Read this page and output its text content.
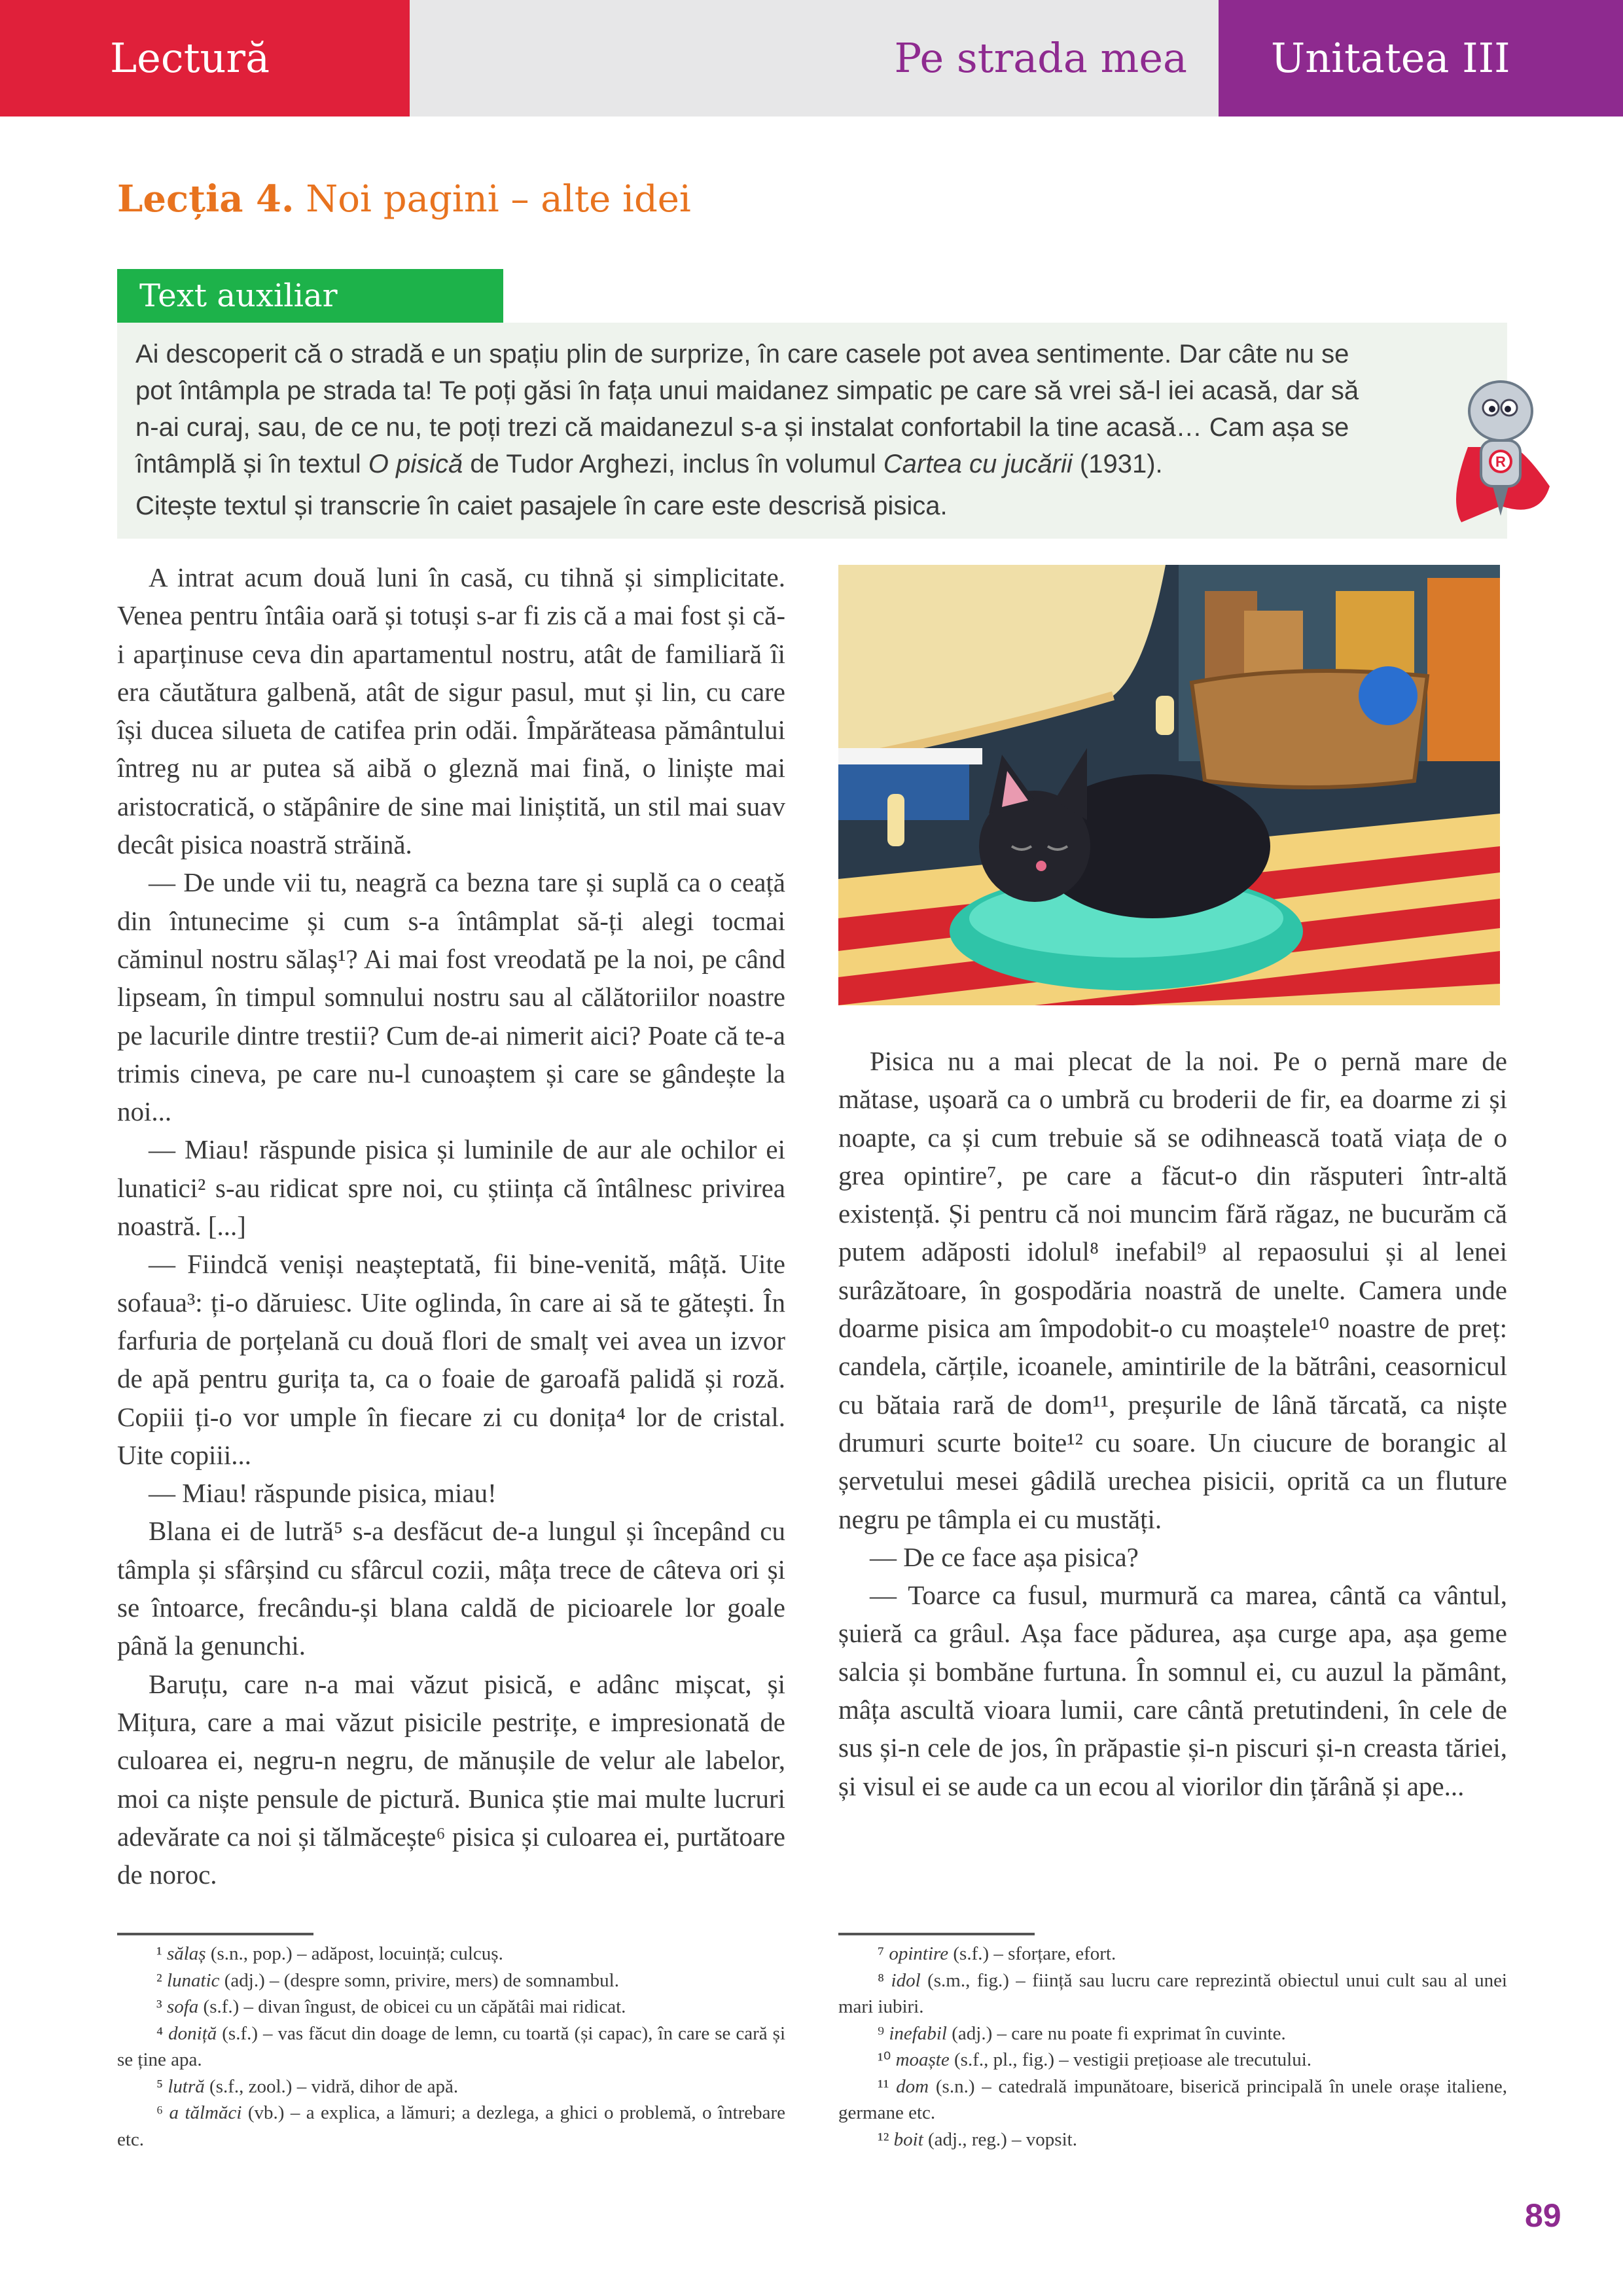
Lectură	Pe strada mea Unitatea III
Lecția 4. Noi pagini – alte idei
Text auxiliar

Ai descoperit că o stradă e un spațiu plin de surprize, în care casele pot avea sentimente. Dar câte nu se pot întâmpla pe strada ta! Te poți găsi în fața unui maidanez simpatic pe care să vrei să-l iei acasă, dar să n-ai curaj, sau, de ce nu, te poți trezi că maidanezul s-a și instalat confortabil la tine acasă… Cam așa se întâmplă și în textul O pisică de Tudor Arghezi, inclus în volumul Cartea cu jucării (1931).

Citește textul și transcrie în caiet pasajele în care este descrisă pisica.

R

A intrat acum două luni în casă, cu tihnă și simplicitate. Venea pentru întâia oară și totuși s-ar fi zis că a mai fost și că-i aparținuse ceva din apartamentul nostru, atât de familiară îi era căutătura galbenă, atât de sigur pasul, mut și lin, cu care își ducea silueta de catifea prin odăi. Împărăteasa pământului întreg nu ar putea să aibă o gleznă mai fină, o liniște mai aristocratică, o stăpânire de sine mai liniștită, un stil mai suav decât pisica noastră străină.

— De unde vii tu, neagră ca bezna tare și suplă ca o ceață din întunecime și cum s-a întâmplat să-ți alegi tocmai căminul nostru sălaș¹? Ai mai fost vreodată pe la noi, pe când lipseam, în timpul somnului nostru sau al călătoriilor noastre pe lacurile dintre trestii? Cum de-ai nimerit aici? Poate că te-a trimis cineva, pe care nu-l cunoaștem și care se gândește la noi...

— Miau! răspunde pisica și luminile de aur ale ochilor ei lunatici² s-au ridicat spre noi, cu știința că întâlnesc privirea noastră. [...]

— Fiindcă veniși neașteptată, fii bine-venită, mâță. Uite sofaua³: ți-o dăruiesc. Uite oglinda, în care ai să te gătești. În farfuria de porțelană cu două flori de smalț vei avea un izvor de apă pentru gurița ta, ca o foaie de garoafă palidă și roză. Copiii ți-o vor umple în fiecare zi cu donița⁴ lor de cristal. Uite copiii...

— Miau! răspunde pisica, miau!

Blana ei de lutră⁵ s-a desfăcut de-a lungul și începând cu tâmpla și sfârșind cu sfârcul cozii, mâța trece de câteva ori și se întoarce, frecându-și blana caldă de picioarele lor goale până la genunchi.

Baruțu, care n-a mai văzut pisică, e adânc mișcat, și Mițura, care a mai văzut pisicile pestrițe, e impresionată de culoarea ei, negru-n negru, de mănușile de velur ale labelor, moi ca niște pensule de pictură. Bunica știe mai multe lucruri adevărate ca noi și tălmăcește⁶ pisica și culoarea ei, purtătoare de noroc.

Pisica nu a mai plecat de la noi. Pe o pernă mare de mătase, ușoară ca o umbră cu broderii de fir, ea doarme zi și noapte, ca și cum trebuie să se odihnească toată viața de o grea opintire⁷, pe care a făcut-o din răsputeri într-altă existență. Și pentru că noi muncim fără răgaz, ne bucurăm că putem adăposti idolul⁸ inefabil⁹ al repaosului și al lenei surâzătoare, în gospodăria noastră de unelte. Camera unde doarme pisica am împodobit-o cu moaștele¹⁰ noastre de preț: candela, cărțile, icoanele, amintirile de la bătrâni, ceasornicul cu bătaia rară de dom¹¹, preșurile de lână tărcată, ca niște drumuri scurte boite¹² cu soare. Un ciucure de borangic al șervetului mesei gâdilă urechea pisicii, oprită ca un fluture negru pe tâmpla ei cu mustăți.

— De ce face așa pisica?

— Toarce ca fusul, murmură ca marea, cântă ca vântul, șuieră ca grâul. Așa face pădurea, așa curge apa, așa geme salcia și bombăne furtuna. În somnul ei, cu auzul la pământ, mâța ascultă vioara lumii, care cântă pretutindeni, în cele de sus și-n cele de jos, în prăpastie și-n piscuri și-n creasta tăriei, și visul ei se aude ca un ecou al viorilor din țărână și ape...

¹ sălaș (s.n., pop.) – adăpost, locuință; culcuș.

² lunatic (adj.) – (despre somn, privire, mers) de somnambul.

³ sofa (s.f.) – divan îngust, de obicei cu un căpătâi mai ridicat.

⁴ doniță (s.f.) – vas făcut din doage de lemn, cu toartă (și capac), în care se cară și se ține apa.

⁵ lutră (s.f., zool.) – vidră, dihor de apă.

⁶ a tălmăci (vb.) – a explica, a lămuri; a dezlega, a ghici o problemă, o întrebare etc.

⁷ opintire (s.f.) – sforțare, efort.

⁸ idol (s.m., fig.) – ființă sau lucru care reprezintă obiectul unui cult sau al unei mari iubiri.

⁹ inefabil (adj.) – care nu poate fi exprimat în cuvinte.

¹⁰ moaște (s.f., pl., fig.) – vestigii prețioase ale trecutului.

¹¹ dom (s.n.) – catedrală impunătoare, biserică principală în unele orașe italiene, germane etc.

¹² boit (adj., reg.) – vopsit.

89
